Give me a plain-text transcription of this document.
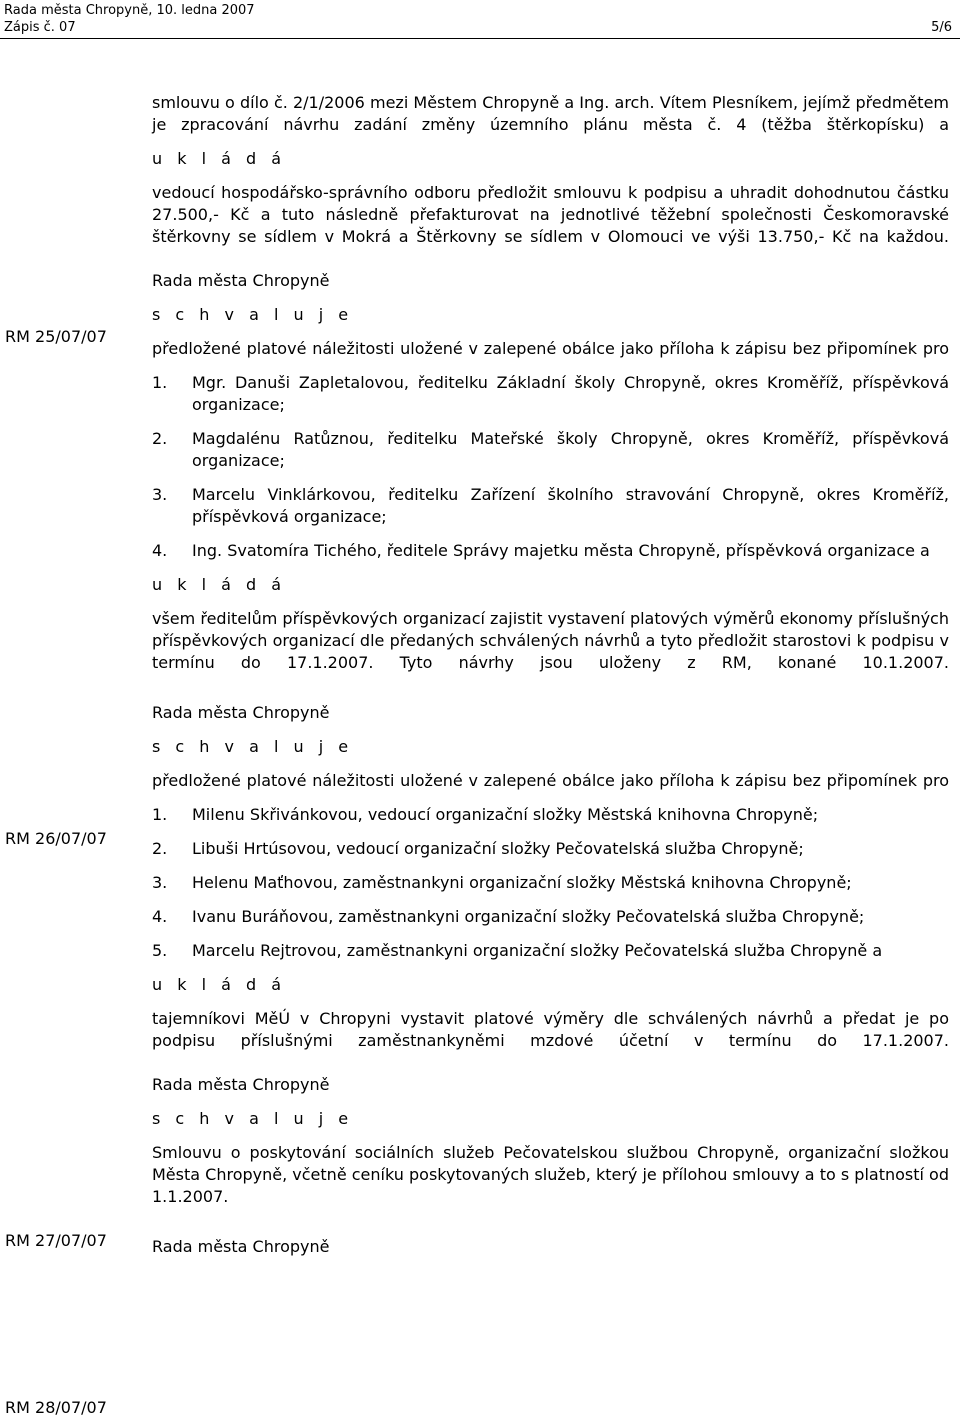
Rada města Chropyně, 10. ledna 2007
Zápis č. 07	5/6
RM 25/07/07
RM 26/07/07
RM 27/07/07
RM 28/07/07

smlouvu o dílo č. 2/1/2006 mezi Městem Chropyně a Ing. arch. Vítem Plesníkem, jejímž předmětem je zpracování návrhu zadání změny územního plánu města č. 4 (těžba štěrkopísku) a

u k l á d á

vedoucí hospodářsko-správního odboru předložit smlouvu k podpisu a uhradit dohodnutou částku 27.500,- Kč a tuto následně přefakturovat na jednotlivé těžební společnosti Českomoravské štěrkovny se sídlem v Mokrá a Štěrkovny se sídlem v Olomouci ve výši 13.750,- Kč na každou.

Rada města Chropyně

s c h v a l u j e

předložené platové náležitosti uložené v zalepené obálce jako příloha k zápisu bez připomínek pro

1.	Mgr. Danuši Zapletalovou, ředitelku Základní školy Chropyně, okres Kroměříž, příspěvková organizace;
2.	Magdalénu Ratůznou, ředitelku Mateřské školy Chropyně, okres Kroměříž, příspěvková organizace;
3.	Marcelu Vinklárkovou, ředitelku Zařízení školního stravování Chropyně, okres Kroměříž, příspěvková organizace;
4.	Ing. Svatomíra Tichého, ředitele Správy majetku města Chropyně, příspěvková organizace a

u k l á d á

všem ředitelům příspěvkových organizací zajistit vystavení platových výměrů ekonomy příslušných příspěvkových organizací dle předaných schválených návrhů a tyto předložit starostovi k podpisu v termínu do 17.1.2007. Tyto návrhy jsou uloženy z RM, konané 10.1.2007.

Rada města Chropyně

s c h v a l u j e

předložené platové náležitosti uložené v zalepené obálce jako příloha k zápisu bez připomínek pro

1.	Milenu Skřivánkovou, vedoucí organizační složky Městská knihovna Chropyně;
2.	Libuši Hrtúsovou, vedoucí organizační složky Pečovatelská služba Chropyně;
3.	Helenu Maťhovou, zaměstnankyni organizační složky Městská knihovna Chropyně;
4.	Ivanu Buráňovou, zaměstnankyni organizační složky Pečovatelská služba Chropyně;
5.	Marcelu Rejtrovou, zaměstnankyni organizační složky Pečovatelská služba Chropyně a

u k l á d á

tajemníkovi MěÚ v Chropyni vystavit platové výměry dle schválených návrhů a předat je po podpisu příslušnými zaměstnankyněmi mzdové účetní v termínu do 17.1.2007.

Rada města Chropyně

s c h v a l u j e

Smlouvu o poskytování sociálních služeb Pečovatelskou službou Chropyně, organizační složkou Města Chropyně, včetně ceníku poskytovaných služeb, který je přílohou smlouvy a to s platností od 1.1.2007.

Rada města Chropyně
